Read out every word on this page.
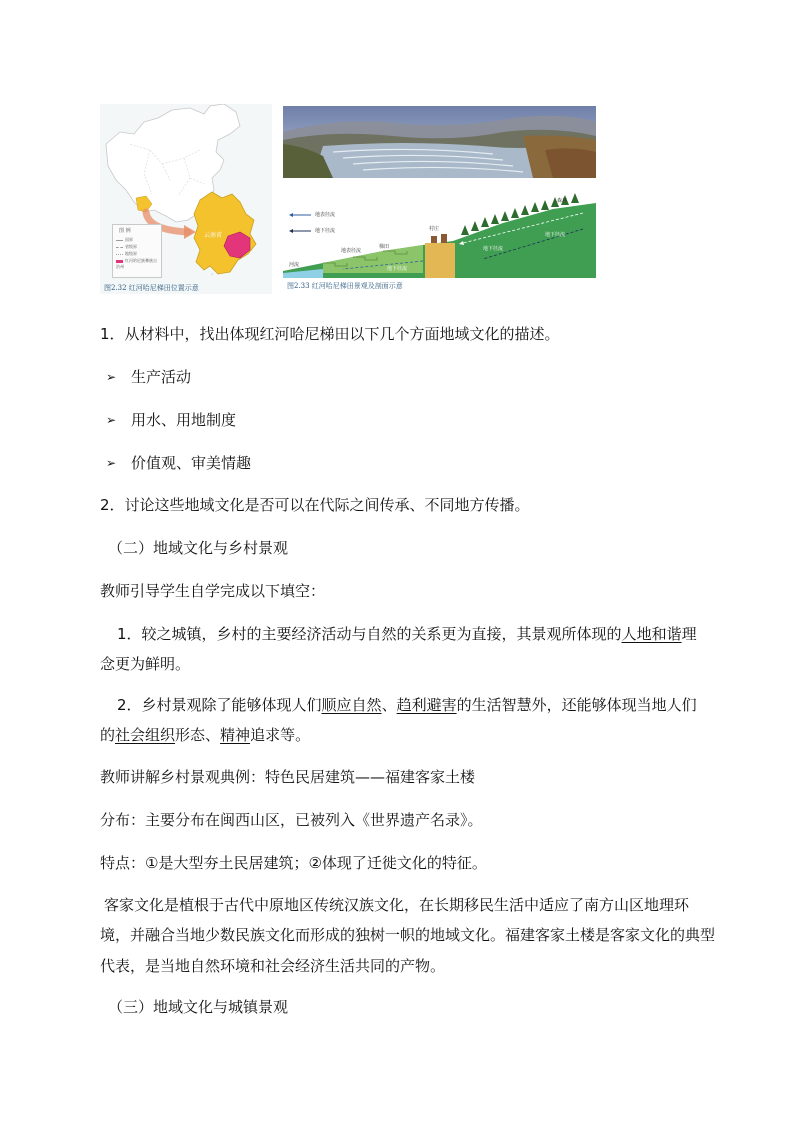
云南省
图 例
国界
省级界
地级界
红河哈尼族彝族自治州
图2.32 红河哈尼梯田位置示意
地表径流
地下径流
森林
村庄
梯田
地表径流
河流
地下径流
地下径流
地下径流
图2.33 红河哈尼梯田景观及剖面示意
1．从材料中，找出体现红河哈尼梯田以下几个方面地域文化的描述。
➢ 生产活动
➢ 用水、用地制度
➢ 价值观、审美情趣
2．讨论这些地域文化是否可以在代际之间传承、不同地方传播。
（二）地域文化与乡村景观
教师引导学生自学完成以下填空：
1．较之城镇，乡村的主要经济活动与自然的关系更为直接，其景观所体现的人地和谐理
念更为鲜明。
2．乡村景观除了能够体现人们顺应自然、趋利避害的生活智慧外，还能够体现当地人们
的社会组织形态、精神追求等。
教师讲解乡村景观典例：特色民居建筑——福建客家土楼
分布：主要分布在闽西山区，已被列入《世界遗产名录》。
特点：①是大型夯土民居建筑；②体现了迁徙文化的特征。
客家文化是植根于古代中原地区传统汉族文化，在长期移民生活中适应了南方山区地理环
境，并融合当地少数民族文化而形成的独树一帜的地域文化。福建客家土楼是客家文化的典型
代表，是当地自然环境和社会经济生活共同的产物。
（三）地域文化与城镇景观
